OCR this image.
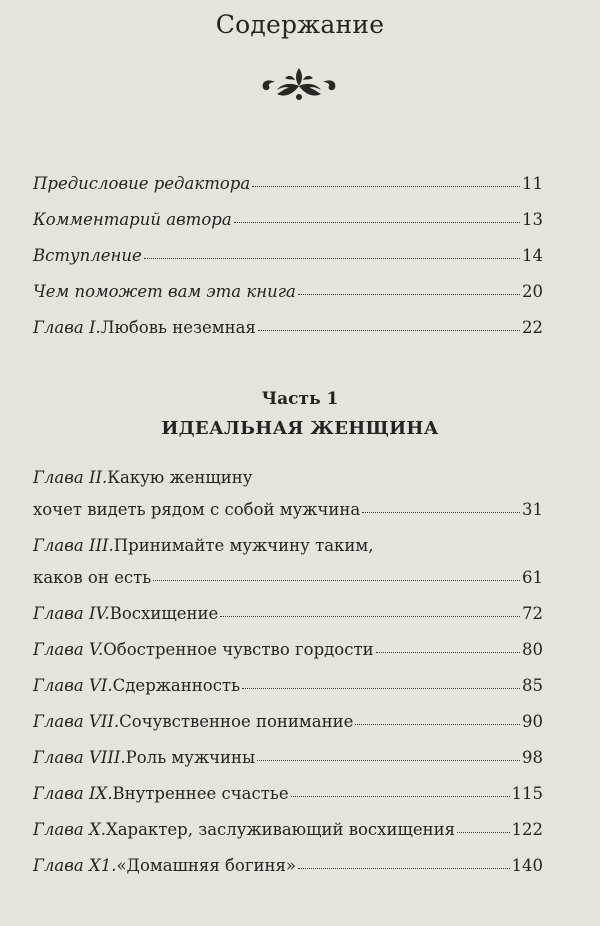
Содержание
Предисловие редактора	11
Комментарий автора	13
Вступление	14
Чем поможет вам эта книга	20
Глава I. Любовь неземная	22
Часть 1
ИДЕАЛЬНАЯ ЖЕНЩИНА
Глава II. Какую женщину
хочет видеть рядом с собой мужчина	31
Глава III. Принимайте мужчину таким,
каков он есть	61
Глава IV. Восхищение	72
Глава V. Обостренное чувство гордости	80
Глава VI. Сдержанность	85
Глава VII. Сочувственное понимание	90
Глава VIII. Роль мужчины	98
Глава IX. Внутреннее счастье	115
Глава X. Характер, заслуживающий восхищения	122
Глава X1. «Домашняя богиня»	140
